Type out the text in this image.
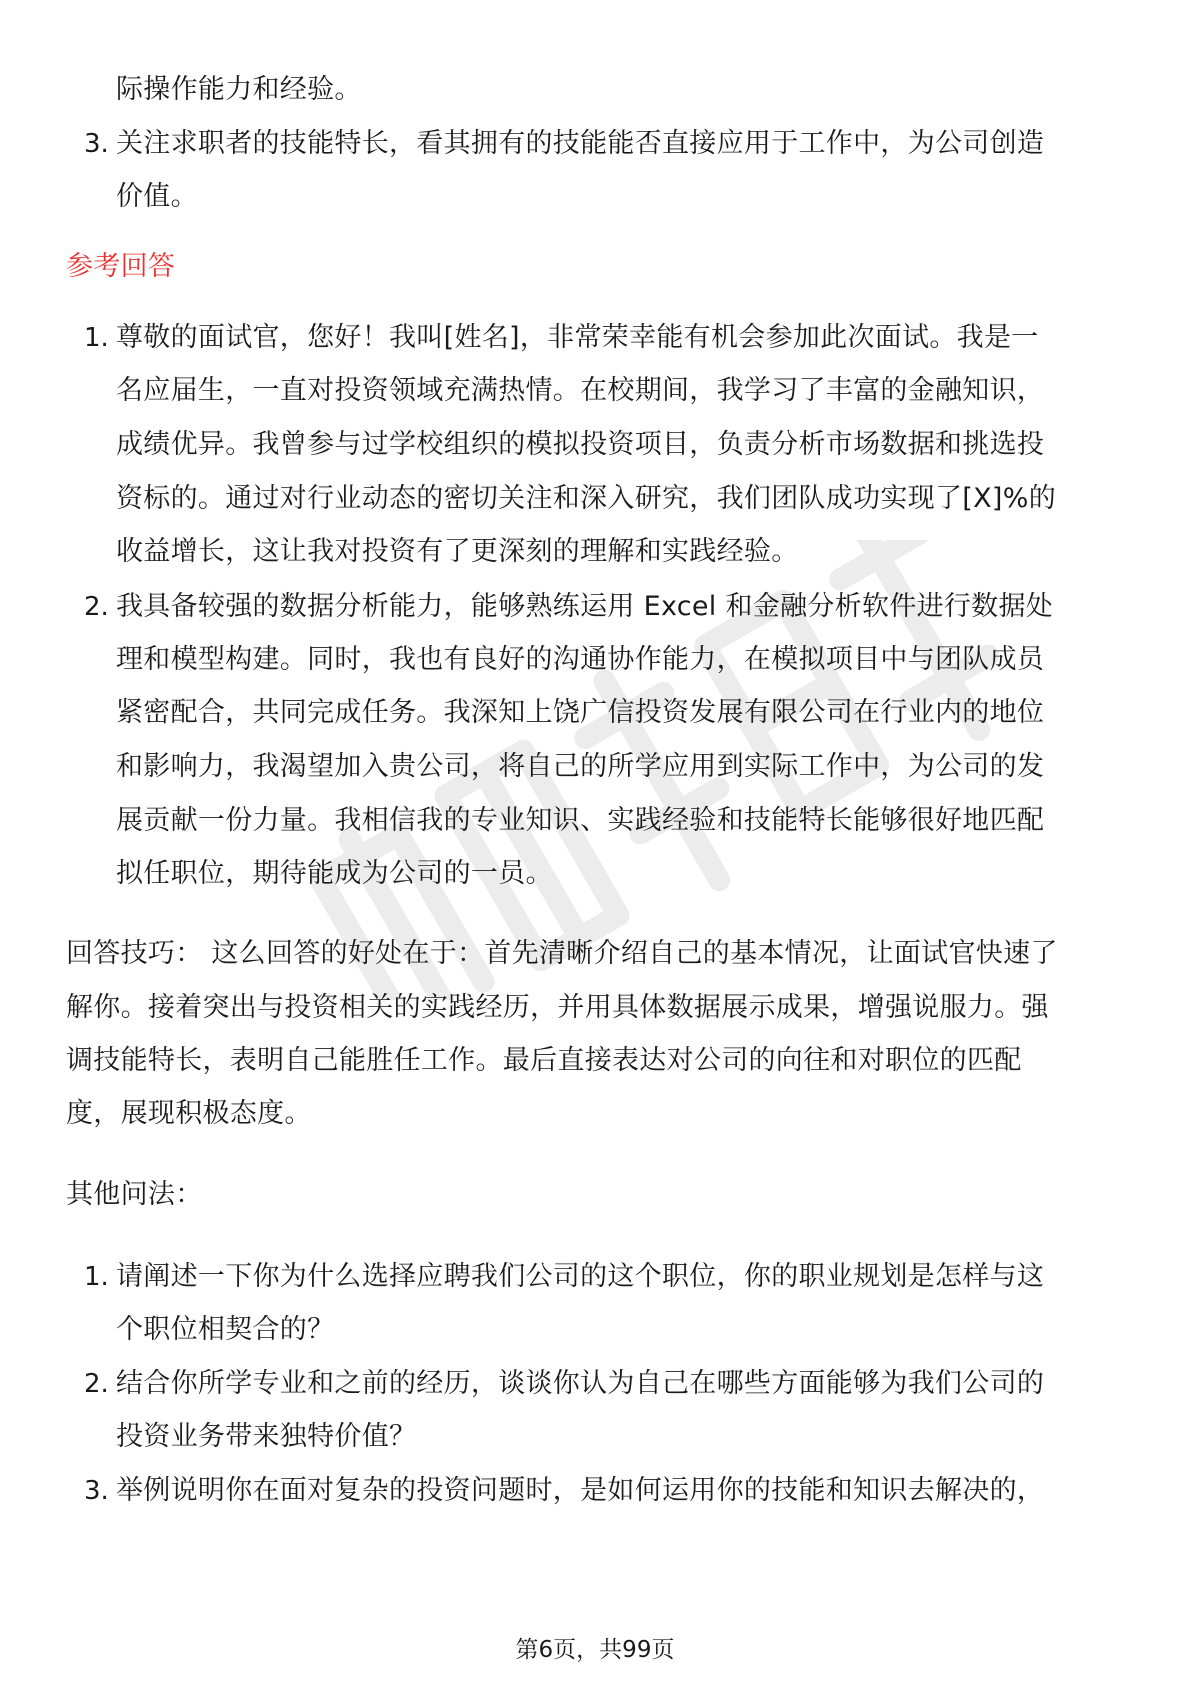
际操作能力和经验。
3. 关注求职者的技能特长，看其拥有的技能能否直接应用于工作中，为公司创造
价值。
参考回答
1. 尊敬的面试官，您好！我叫[姓名]，非常荣幸能有机会参加此次面试。我是一
名应届生，一直对投资领域充满热情。在校期间，我学习了丰富的金融知识，
成绩优异。我曾参与过学校组织的模拟投资项目，负责分析市场数据和挑选投
资标的。通过对行业动态的密切关注和深入研究，我们团队成功实现了[X]%的
收益增长，这让我对投资有了更深刻的理解和实践经验。
2. 我具备较强的数据分析能力，能够熟练运用 Excel 和金融分析软件进行数据处
理和模型构建。同时，我也有良好的沟通协作能力，在模拟项目中与团队成员
紧密配合，共同完成任务。我深知上饶广信投资发展有限公司在行业内的地位
和影响力，我渴望加入贵公司，将自己的所学应用到实际工作中，为公司的发
展贡献一份力量。我相信我的专业知识、实践经验和技能特长能够很好地匹配
拟任职位，期待能成为公司的一员。
回答技巧： 这么回答的好处在于：首先清晰介绍自己的基本情况，让面试官快速了
解你。接着突出与投资相关的实践经历，并用具体数据展示成果，增强说服力。强
调技能特长，表明自己能胜任工作。最后直接表达对公司的向往和对职位的匹配
度，展现积极态度。
其他问法：
1. 请阐述一下你为什么选择应聘我们公司的这个职位，你的职业规划是怎样与这
个职位相契合的？
2. 结合你所学专业和之前的经历，谈谈你认为自己在哪些方面能够为我们公司的
投资业务带来独特价值？
3. 举例说明你在面对复杂的投资问题时，是如何运用你的技能和知识去解决的，
第6页，共99页
